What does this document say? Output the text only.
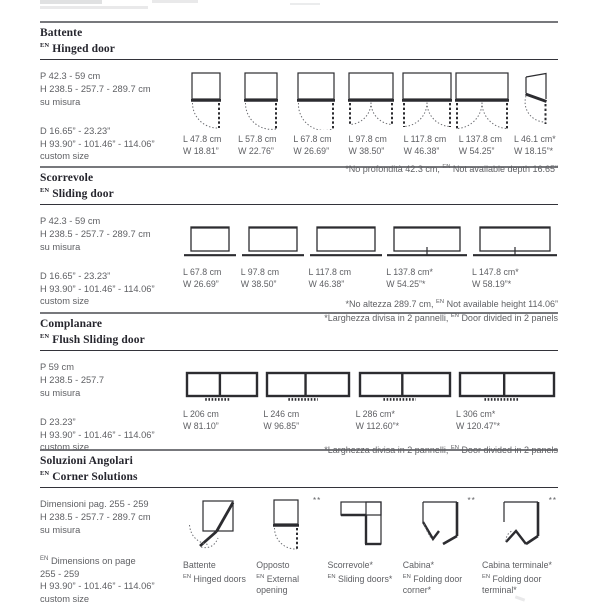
Battente
$^{EN}$ Hinged door
P 42.3 - 59 cm
H 238.5 - 257.7 - 289.7 cm
su misura
D 16.65” - 23.23”
H 93.90” - 101.46” - 114.06”
custom size
L 47.8 cm
W 18.81”
L 57.8 cm
W 22.76”
L 67.8 cm
W 26.69”
L 97.8 cm
W 38.50”
L 117.8 cm
W 46.38”
L 137.8 cm
W 54.25”
L 46.1 cm*
W 18.15”*
*No profondità 42.3 cm, $^{EN}$ Not available depth 16.65”
Scorrevole
$^{EN}$ Sliding door
P 42.3 - 59 cm
H 238.5 - 257.7 - 289.7 cm
su misura
D 16.65” - 23.23”
H 93.90” - 101.46” - 114.06”
custom size
L 67.8 cm
W 26.69”
L 97.8 cm
W 38.50”
L 117.8 cm
W 46.38”
L 137.8 cm*
W 54.25”*
L 147.8 cm*
W 58.19”*
*No altezza 289.7 cm, $^{EN}$ Not available height 114.06”
*Larghezza divisa in 2 pannelli, $^{EN}$ Door divided in 2 panels
Complanare
$^{EN}$ Flush Sliding door
P 59 cm
H 238.5 - 257.7
su misura
D 23.23”
H 93.90” - 101.46” - 114.06”
custom size
L 206 cm
W 81.10”
L 246 cm
W 96.85”
L 286 cm*
W 112.60”*
L 306 cm*
W 120.47”*
*Larghezza divisa in 2 pannelli, $^{EN}$ Door divided in 2 panels
Soluzioni Angolari
$^{EN}$ Corner Solutions
Dimensioni pag. 255 - 259
H 238.5 - 257.7 - 289.7 cm
su misura
$^{EN}$ Dimensions on page
255 - 259
H 93.90” - 101.46” - 114.06”
custom size
Battente
$^{EN}$ Hinged doors
**
Opposto
$^{EN}$ External opening
Scorrevole*
$^{EN}$ Sliding doors*
**
Cabina*
$^{EN}$ Folding door corner*
**
Cabina terminale*
$^{EN}$ Folding door terminal*
